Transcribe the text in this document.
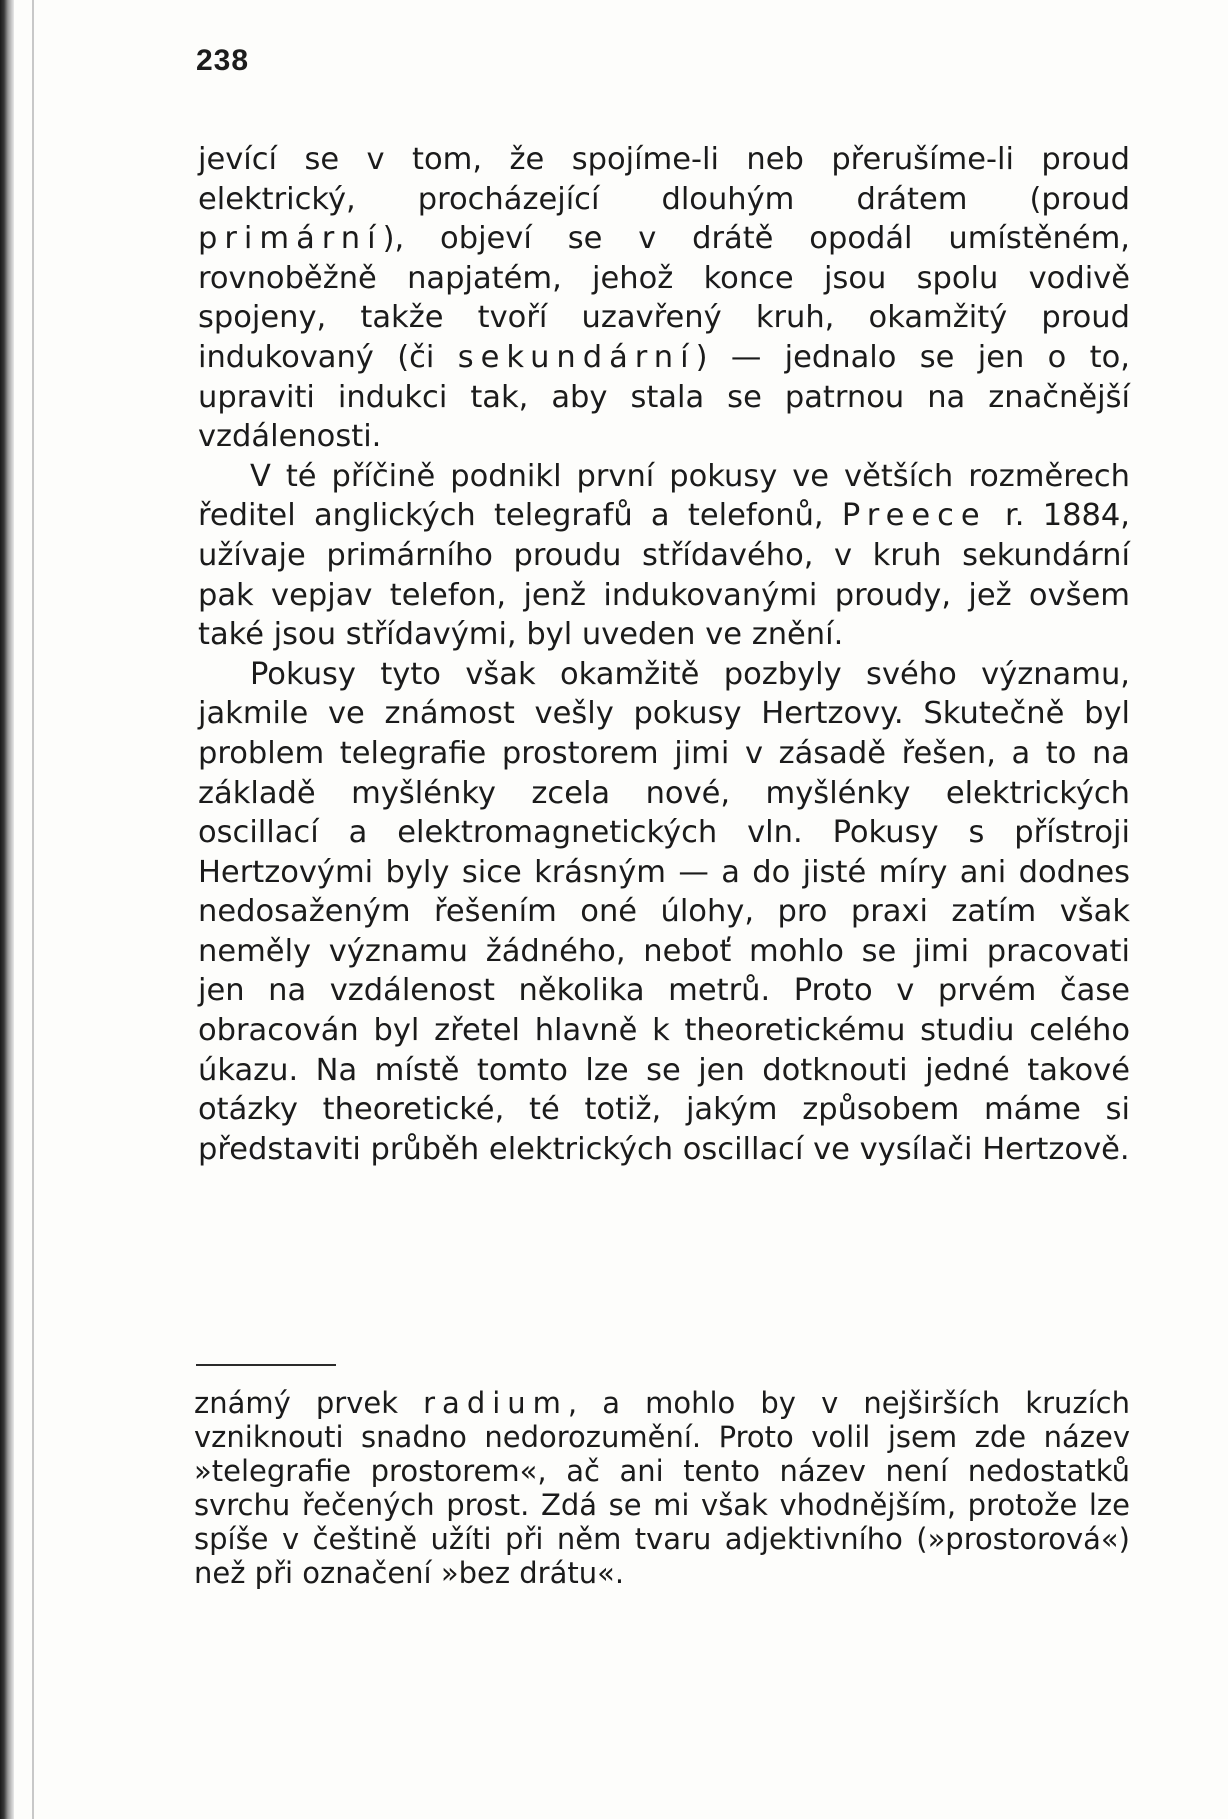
238

jevící se v tom, že spojíme-li neb přerušíme-li proud elektrický, procházející dlouhým drátem (proud primární), objeví se v drátě opodál umístěném, rovnoběžně napjatém, jehož konce jsou spolu vodivě spojeny, takže tvoří uzavřený kruh, okamžitý proud indukovaný (či sekundární) — jednalo se jen o to, upraviti indukci tak, aby stala se patrnou na značnější vzdálenosti.

V té příčině podnikl první pokusy ve větších rozměrech ředitel anglických telegrafů a telefonů, Preece r. 1884, užívaje primárního proudu střídavého, v kruh sekundární pak vepjav telefon, jenž indukovanými proudy, jež ovšem také jsou střídavými, byl uveden ve znění.

Pokusy tyto však okamžitě pozbyly svého významu, jakmile ve známost vešly pokusy Hertzovy. Skutečně byl problem telegrafie prostorem jimi v zásadě řešen, a to na základě myšlénky zcela nové, myšlénky elektrických oscillací a elektromagnetických vln. Pokusy s přístroji Hertzovými byly sice krásným — a do jisté míry ani dodnes nedosaženým řešením oné úlohy, pro praxi zatím však neměly významu žádného, neboť mohlo se jimi pracovati jen na vzdálenost několika metrů. Proto v prvém čase obracován byl zřetel hlavně k theoretickému studiu celého úkazu. Na místě tomto lze se jen dotknouti jedné takové otázky theoretické, té totiž, jakým způsobem máme si představiti průběh elektrických oscillací ve vysílači Hertzově.

známý prvek radium, a mohlo by v nejširších kruzích vzniknouti snadno nedorozumění. Proto volil jsem zde název »telegrafie prostorem«, ač ani tento název není nedostatků svrchu řečených prost. Zdá se mi však vhodnějším, protože lze spíše v češtině užíti při něm tvaru adjektivního (»prostorová«) než při označení »bez drátu«.
